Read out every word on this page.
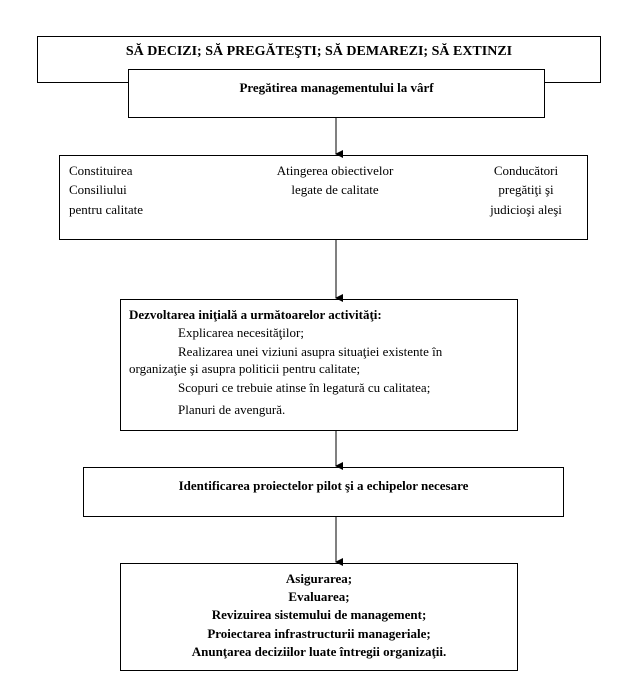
SĂ DECIZI; SĂ PREGĂTEŞTI; SĂ DEMAREZI; SĂ EXTINZI
Pregătirea managementului la vârf
Constituirea
Consiliului
pentru calitate
Atingerea obiectivelor
legate de calitate
Conducători
pregătiţi şi
judicioşi aleşi
Dezvoltarea iniţială a următoarelor activităţi:
Explicarea necesităţilor;
Realizarea unei viziuni asupra situaţiei existente în
organizaţie şi asupra politicii pentru calitate;
Scopuri ce trebuie atinse în legatură cu calitatea;
Planuri de avengură.
Identificarea proiectelor pilot şi a echipelor necesare
Asigurarea;
Evaluarea;
Revizuirea sistemului de management;
Proiectarea infrastructurii manageriale;
Anunţarea deciziilor luate întregii organizaţii.
